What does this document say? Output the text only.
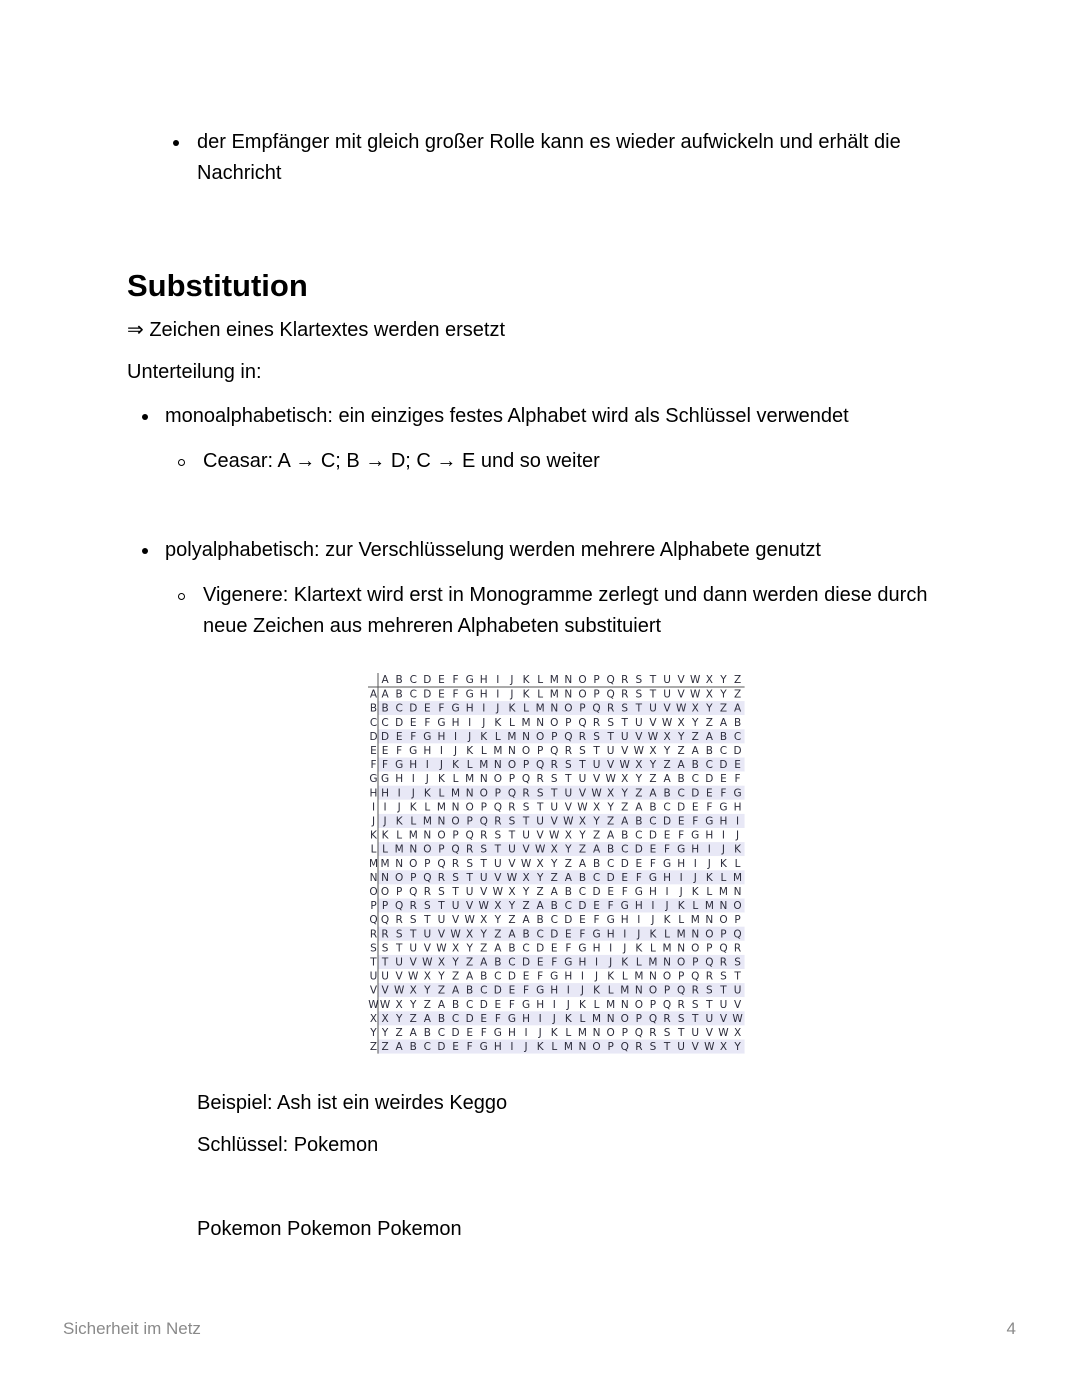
der Empfänger mit gleich großer Rolle kann es wieder aufwickeln und erhält die Nachricht
Substitution
⇒ Zeichen eines Klartextes werden ersetzt
Unterteilung in:
monoalphabetisch: ein einziges festes Alphabet wird als Schlüssel verwendet
Ceasar: A → C; B → D; C → E und so weiter
polyalphabetisch: zur Verschlüsselung werden mehrere Alphabete genutzt
Vigenere: Klartext wird erst in Monogramme zerlegt und dann werden diese durch neue Zeichen aus mehreren Alphabeten substituiert
A B C D E F G H I J K L M N O P Q R S T U V W X Y Z
A A B C D E F G H I J K L M N O P Q R S T U V W X Y Z
B B C D E F G H I J K L M N O P Q R S T U V W X Y Z A
C C D E F G H I J K L M N O P Q R S T U V W X Y Z A B
D D E F G H I J K L M N O P Q R S T U V W X Y Z A B C
E E F G H I J K L M N O P Q R S T U V W X Y Z A B C D
F F G H I J K L M N O P Q R S T U V W X Y Z A B C D E
G G H I J K L M N O P Q R S T U V W X Y Z A B C D E F
H H I J K L M N O P Q R S T U V W X Y Z A B C D E F G
I I J K L M N O P Q R S T U V W X Y Z A B C D E F G H
J J K L M N O P Q R S T U V W X Y Z A B C D E F G H I
K K L M N O P Q R S T U V W X Y Z A B C D E F G H I J
L L M N O P Q R S T U V W X Y Z A B C D E F G H I J K
M M N O P Q R S T U V W X Y Z A B C D E F G H I J K L
N N O P Q R S T U V W X Y Z A B C D E F G H I J K L M
O O P Q R S T U V W X Y Z A B C D E F G H I J K L M N
P P Q R S T U V W X Y Z A B C D E F G H I J K L M N O
Q Q R S T U V W X Y Z A B C D E F G H I J K L M N O P
R R S T U V W X Y Z A B C D E F G H I J K L M N O P Q
S S T U V W X Y Z A B C D E F G H I J K L M N O P Q R
T T U V W X Y Z A B C D E F G H I J K L M N O P Q R S
U U V W X Y Z A B C D E F G H I J K L M N O P Q R S T
V V W X Y Z A B C D E F G H I J K L M N O P Q R S T U
W W X Y Z A B C D E F G H I J K L M N O P Q R S T U V
X X Y Z A B C D E F G H I J K L M N O P Q R S T U V W
Y Y Z A B C D E F G H I J K L M N O P Q R S T U V W X
Z Z A B C D E F G H I J K L M N O P Q R S T U V W X Y
Beispiel: Ash ist ein weirdes Keggo
Schlüssel: Pokemon
Pokemon Pokemon Pokemon
Sicherheit im Netz	4
